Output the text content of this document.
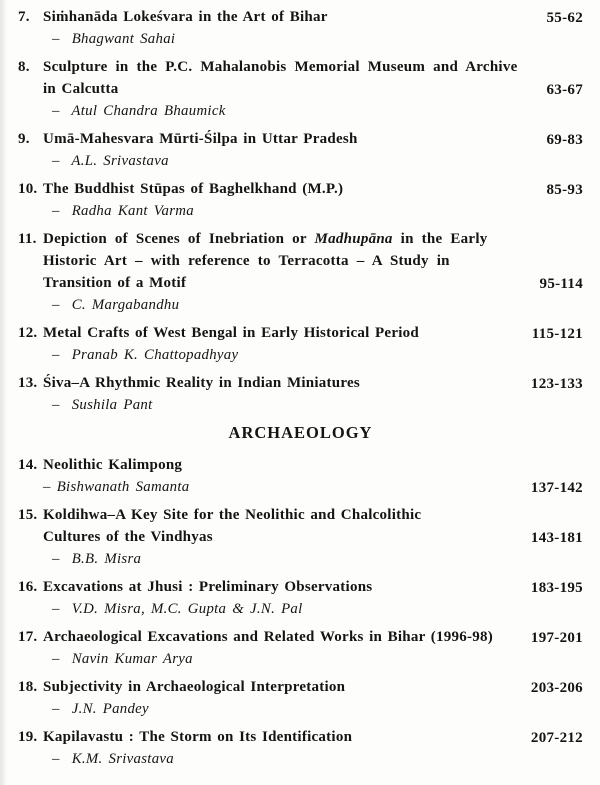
7. Siṁhanāda Lokeśvara in the Art of Bihar
–  Bhagwant Sahai
55-62
8. Sculpture in the P.C. Mahalanobis Memorial Museum and Archive
in Calcutta
–  Atul Chandra Bhaumick
63-67
9. Umā-Mahesvara Mūrti-Śilpa in Uttar Pradesh
–  A.L. Srivastava
69-83
10. The Buddhist Stūpas of Baghelkhand (M.P.)
–  Radha Kant Varma
85-93
11. Depiction of Scenes of Inebriation or Madhupāna in the Early
Historic Art – with reference to Terracotta – A Study in
Transition of a Motif
–  C. Margabandhu
95-114
12. Metal Crafts of West Bengal in Early Historical Period
–  Pranab K. Chattopadhyay
115-121
13. Śiva–A Rhythmic Reality in Indian Miniatures
–  Sushila Pant
123-133
ARCHAEOLOGY
14. Neolithic Kalimpong
– Bishwanath Samanta	137-142
15. Koldihwa–A Key Site for the Neolithic and Chalcolithic
Cultures of the Vindhyas
–  B.B. Misra
143-181
16. Excavations at Jhusi : Preliminary Observations
–  V.D. Misra, M.C. Gupta & J.N. Pal
183-195
17. Archaeological Excavations and Related Works in Bihar (1996-98)
–  Navin Kumar Arya
197-201
18. Subjectivity in Archaeological Interpretation
–  J.N. Pandey
203-206
19. Kapilavastu : The Storm on Its Identification
–  K.M. Srivastava
207-212
